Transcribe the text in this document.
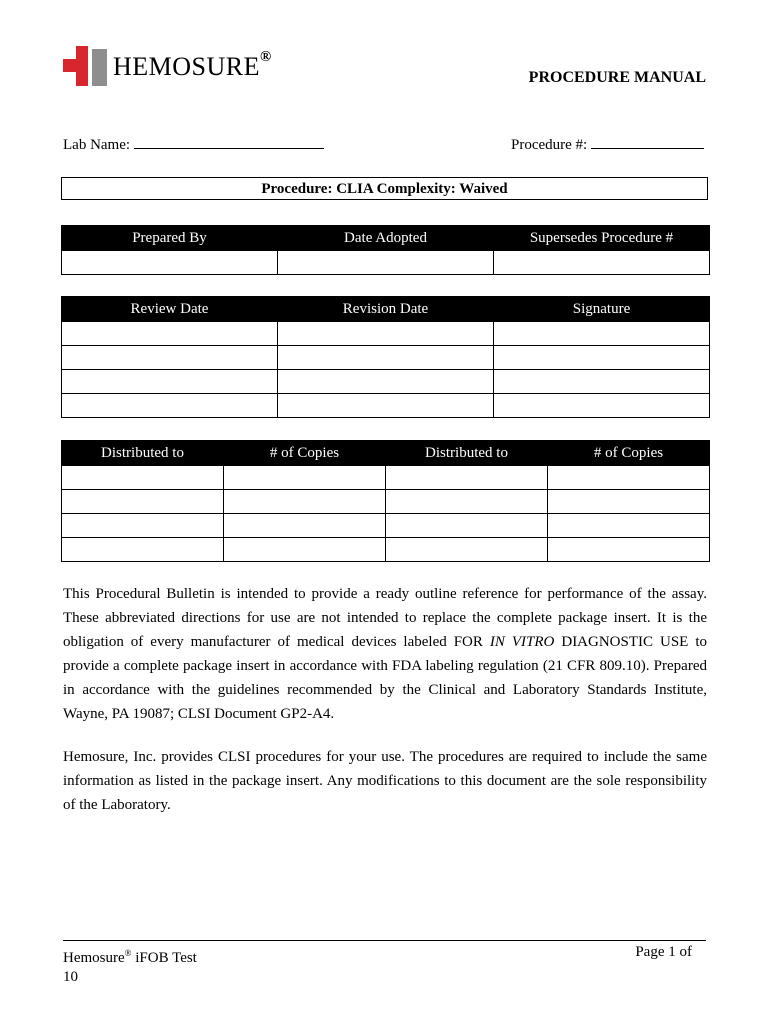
HEMOSURE®
PROCEDURE MANUAL
Lab Name:	Procedure #:
Procedure: CLIA Complexity: Waived
Prepared By	Date Adopted	Supersedes Procedure #

Review Date	Revision Date	Signature

Distributed to	# of Copies	Distributed to	# of Copies

This Procedural Bulletin is intended to provide a ready outline reference for performance of the assay. These abbreviated directions for use are not intended to replace the complete package insert. It is the obligation of every manufacturer of medical devices labeled FOR IN VITRO DIAGNOSTIC USE to provide a complete package insert in accordance with FDA labeling regulation (21 CFR 809.10). Prepared in accordance with the guidelines recommended by the Clinical and Laboratory Standards Institute, Wayne, PA 19087; CLSI Document GP2-A4.

Hemosure, Inc. provides CLSI procedures for your use. The procedures are required to include the same information as listed in the package insert. Any modifications to this document are the sole responsibility of the Laboratory.

Hemosure® iFOB Test
10
Page 1 of
